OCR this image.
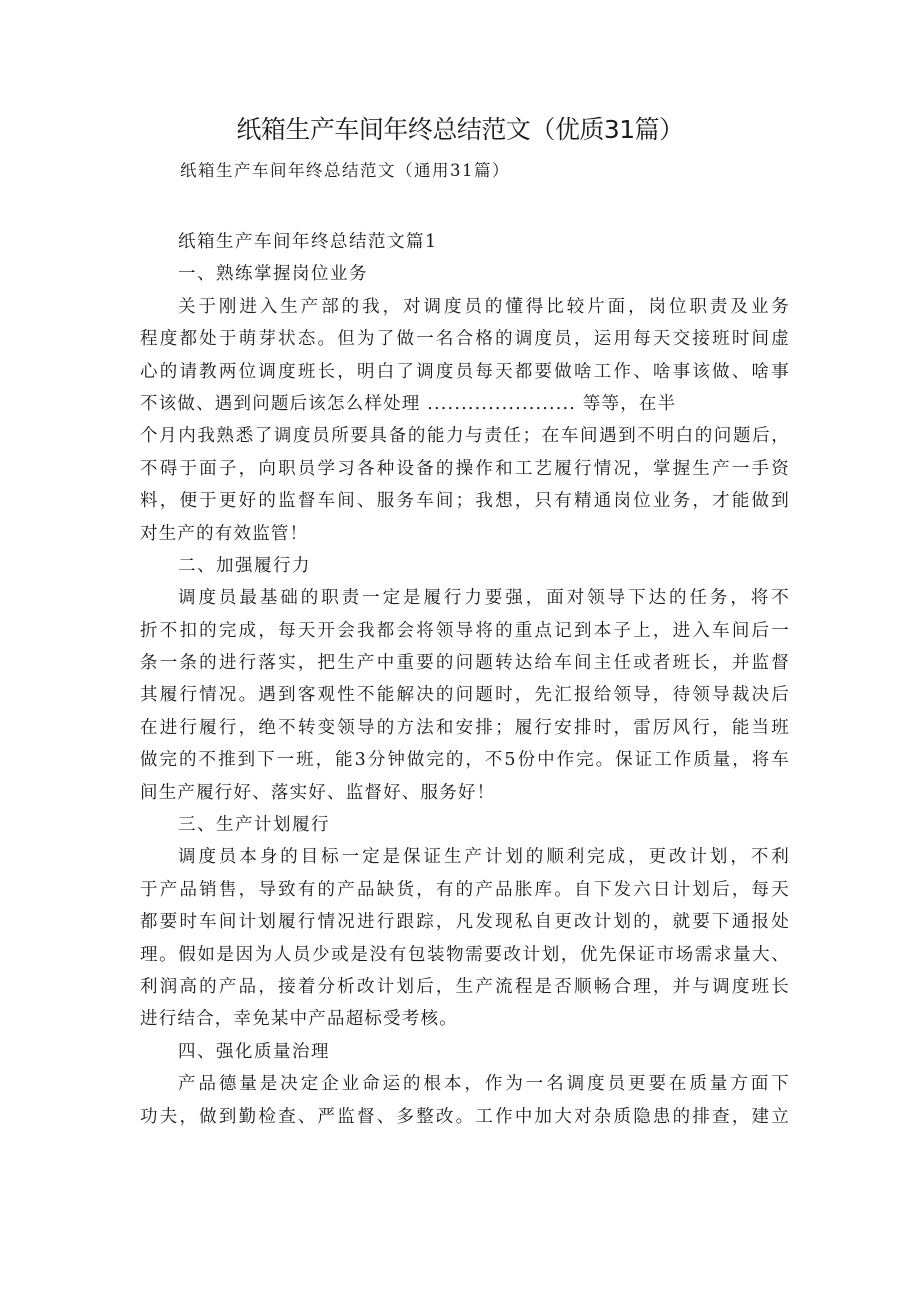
纸箱生产车间年终总结范文（优质31篇）

纸箱生产车间年终总结范文（通用31篇）

纸箱生产车间年终总结范文篇1
一、熟练掌握岗位业务
关于刚进入生产部的我，对调度员的懂得比较片面，岗位职责及业务
程度都处于萌芽状态。但为了做一名合格的调度员，运用每天交接班时间虚
心的请教两位调度班长，明白了调度员每天都要做啥工作、啥事该做、啥事
不该做、遇到问题后该怎么样处理 ...................... 等等，在半
个月内我熟悉了调度员所要具备的能力与责任；在车间遇到不明白的问题后，
不碍于面子，向职员学习各种设备的操作和工艺履行情况，掌握生产一手资
料，便于更好的监督车间、服务车间；我想，只有精通岗位业务，才能做到
对生产的有效监管！
二、加强履行力
调度员最基础的职责一定是履行力要强，面对领导下达的任务，将不
折不扣的完成，每天开会我都会将领导将的重点记到本子上，进入车间后一
条一条的进行落实，把生产中重要的问题转达给车间主任或者班长，并监督
其履行情况。遇到客观性不能解决的问题时，先汇报给领导，待领导裁决后
在进行履行，绝不转变领导的方法和安排；履行安排时，雷厉风行，能当班
做完的不推到下一班，能3分钟做完的，不5份中作完。保证工作质量，将车
间生产履行好、落实好、监督好、服务好！
三、生产计划履行
调度员本身的目标一定是保证生产计划的顺利完成，更改计划，不利
于产品销售，导致有的产品缺货，有的产品胀库。自下发六日计划后，每天
都要时车间计划履行情况进行跟踪，凡发现私自更改计划的，就要下通报处
理。假如是因为人员少或是没有包装物需要改计划，优先保证市场需求量大、
利润高的产品，接着分析改计划后，生产流程是否顺畅合理，并与调度班长
进行结合，幸免某中产品超标受考核。
四、强化质量治理
产品德量是决定企业命运的根本，作为一名调度员更要在质量方面下
功夫，做到勤检查、严监督、多整改。工作中加大对杂质隐患的排查，建立
